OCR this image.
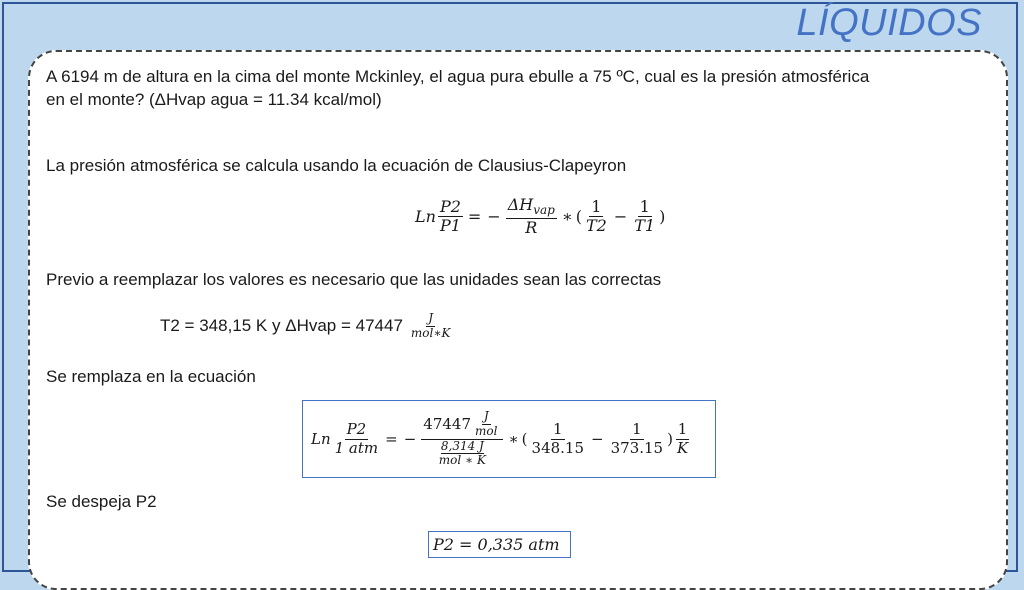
LÍQUIDOS
A 6194 m de altura en la cima del monte Mckinley, el agua pura ebulle a 75 ºC, cual es la presión atmosférica
en el monte? (ΔHvap agua = 11.34 kcal/mol)
La presión atmosférica se calcula usando la ecuación de Clausius-Clapeyron
Ln $\frac{P2}{P1}$ = − $\frac{\Delta H_{vap}}{R}$ ∗ ( $\frac{1}{T2} - \frac{1}{T1}$ )
Previo a reemplazar los valores es necesario que las unidades sean las correctas
T2 = 348,15 K y ΔHvap = $47447 \frac{J}{\text{mol∗K}}$
Se remplaza en la ecuación
Ln $\frac{P2}{\text{1 atm}}$ = − $47447 \frac{J}{\text{mol}}$
8,314 J
mol ∗ K ∗ ( $\frac{1}{348.15} - \frac{1}{373.15}$ ) $\frac{1}{K}$
Se despeja P2
P2 = 0,335 atm
